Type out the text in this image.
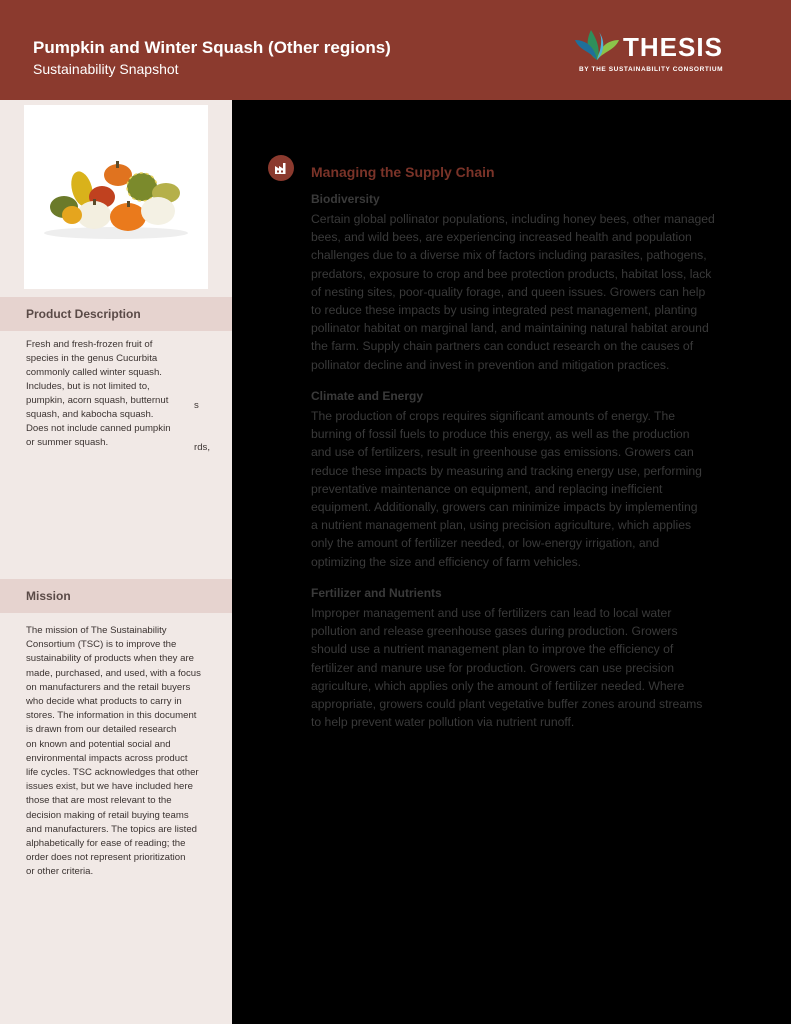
Pumpkin and Winter Squash (Other regions)
Sustainability Snapshot
THESIS
BY THE SUSTAINABILITY CONSORTIUM
Product Description
Fresh and fresh-frozen fruit of
species in the genus Cucurbita
commonly called winter squash.
Includes, but is not limited to,
pumpkin, acorn squash, butternut
squash, and kabocha squash.
Does not include canned pumpkin
or summer squash.
s
rds,
Mission
The mission of The Sustainability
Consortium (TSC) is to improve the
sustainability of products when they are
made, purchased, and used, with a focus
on manufacturers and the retail buyers
who decide what products to carry in
stores. The information in this document
is drawn from our detailed research
on known and potential social and
environmental impacts across product
life cycles. TSC acknowledges that other
issues exist, but we have included here
those that are most relevant to the
decision making of retail buying teams
and manufacturers. The topics are listed
alphabetically for ease of reading; the
order does not represent prioritization
or other criteria.
Managing the Supply Chain
Biodiversity
Certain global pollinator populations, including honey bees, other managed
bees, and wild bees, are experiencing increased health and population
challenges due to a diverse mix of factors including parasites, pathogens,
predators, exposure to crop and bee protection products, habitat loss, lack
of nesting sites, poor-quality forage, and queen issues. Growers can help
to reduce these impacts by using integrated pest management, planting
pollinator habitat on marginal land, and maintaining natural habitat around
the farm. Supply chain partners can conduct research on the causes of
pollinator decline and invest in prevention and mitigation practices.
Climate and Energy
The production of crops requires significant amounts of energy. The
burning of fossil fuels to produce this energy, as well as the production
and use of fertilizers, result in greenhouse gas emissions. Growers can
reduce these impacts by measuring and tracking energy use, performing
preventative maintenance on equipment, and replacing inefficient
equipment. Additionally, growers can minimize impacts by implementing
a nutrient management plan, using precision agriculture, which applies
only the amount of fertilizer needed, or low-energy irrigation, and
optimizing the size and efficiency of farm vehicles.
Fertilizer and Nutrients
Improper management and use of fertilizers can lead to local water
pollution and release greenhouse gases during production. Growers
should use a nutrient management plan to improve the efficiency of
fertilizer and manure use for production. Growers can use precision
agriculture, which applies only the amount of fertilizer needed. Where
appropriate, growers could plant vegetative buffer zones around streams
to help prevent water pollution via nutrient runoff.
